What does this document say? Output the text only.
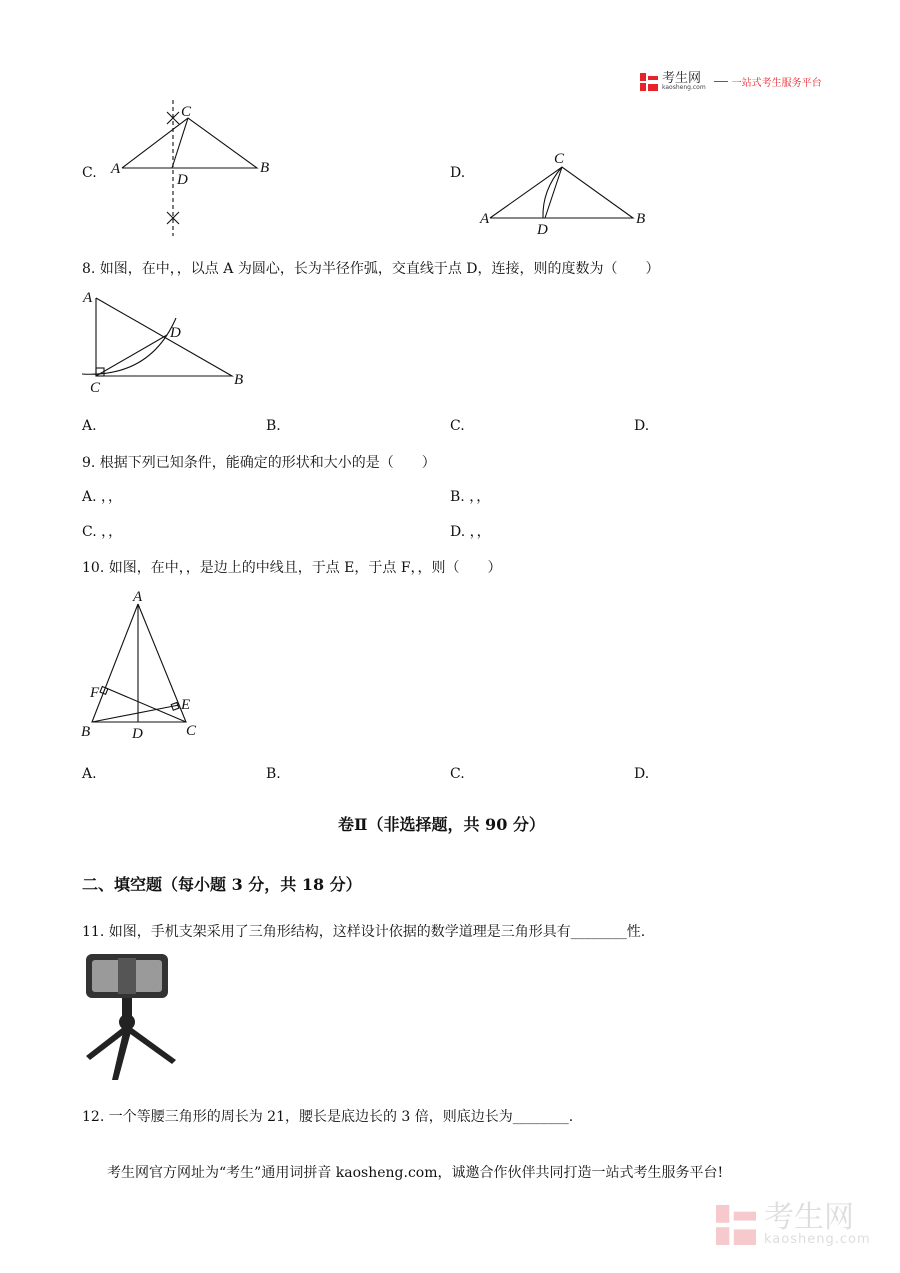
考生网
kaosheng.com	一站式考生服务平台
C
A	B
D
C
A	B
D
A
D
C	B
A
F
E
B	D	C
C.	D.
8. 如图，在中，，以点 A 为圆心，长为半径作弧，交直线于点 D，连接，则的度数为（　　）
A.	B.	C.	D.
9. 根据下列已知条件，能确定的形状和大小的是（　　）
A. ，，	B. ，，
C. ，，	D. ，，
10. 如图，在中，，是边上的中线且，于点 E，于点 F，，则（　　）
A.	B.	C.	D.
卷Ⅱ（非选择题，共 90 分）
二、填空题（每小题 3 分，共 18 分）
11. 如图，手机支架采用了三角形结构，这样设计依据的数学道理是三角形具有________性.
12. 一个等腰三角形的周长为 21，腰长是底边长的 3 倍，则底边长为________.
考生网官方网址为“考生”通用词拼音 kaosheng.com，诚邀合作伙伴共同打造一站式考生服务平台!
考生网
kaosheng.com
